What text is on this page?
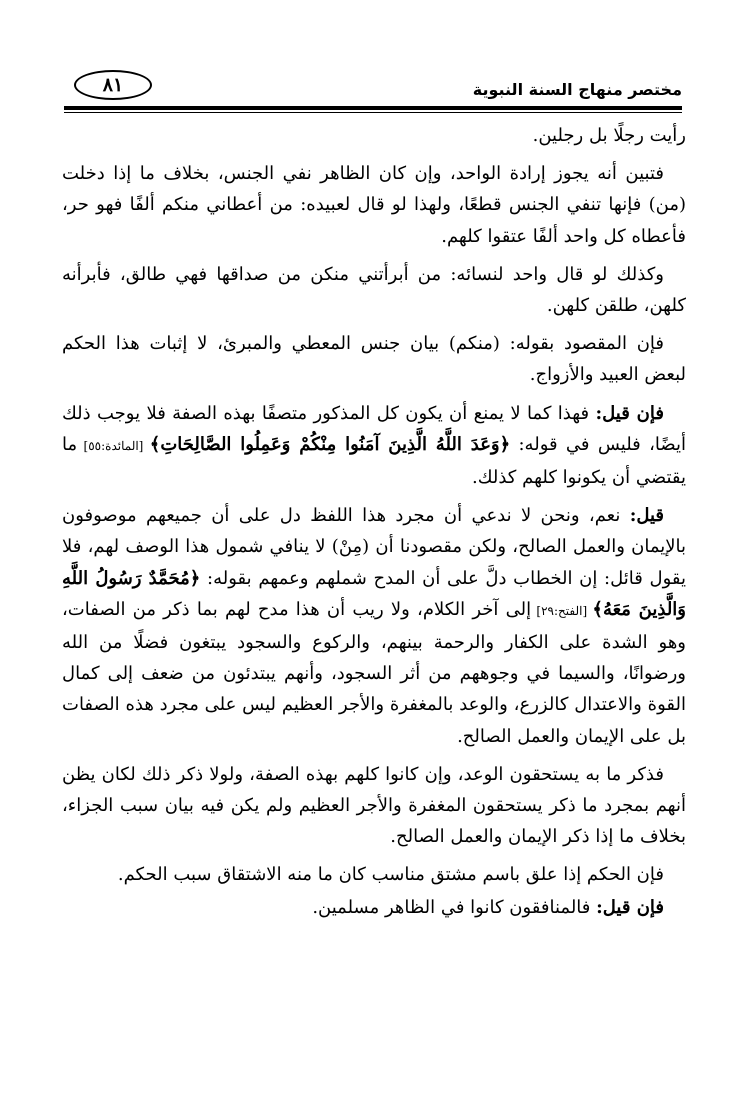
٨١	مختصر منهاج السنة النبوية

رأيت رجلًا بل رجلين.

فتبين أنه يجوز إرادة الواحد، وإن كان الظاهر نفي الجنس، بخلاف ما إذا دخلت (من) فإنها تنفي الجنس قطعًا، ولهذا لو قال لعبيده: من أعطاني منكم ألفًا فهو حر، فأعطاه كل واحد ألفًا عتقوا كلهم.

وكذلك لو قال واحد لنسائه: من أبرأتني منكن من صداقها فهي طالق، فأبرأنه كلهن، طلقن كلهن.

فإن المقصود بقوله: (منكم) بيان جنس المعطي والمبرئ، لا إثبات هذا الحكم لبعض العبيد والأزواج.

فإن قيل: فهذا كما لا يمنع أن يكون كل المذكور متصفًا بهذه الصفة فلا يوجب ذلك أيضًا، فليس في قوله: ﴿وَعَدَ اللَّهُ الَّذِينَ آمَنُوا مِنْكُمْ وَعَمِلُوا الصَّالِحَاتِ﴾ [المائدة:٥٥] ما يقتضي أن يكونوا كلهم كذلك.

قيل: نعم، ونحن لا ندعي أن مجرد هذا اللفظ دل على أن جميعهم موصوفون بالإيمان والعمل الصالح، ولكن مقصودنا أن (مِنْ) لا ينافي شمول هذا الوصف لهم، فلا يقول قائل: إن الخطاب دلَّ على أن المدح شملهم وعمهم بقوله: ﴿مُحَمَّدٌ رَسُولُ اللَّهِ وَالَّذِينَ مَعَهُ﴾ [الفتح:٢٩] إلى آخر الكلام، ولا ريب أن هذا مدح لهم بما ذكر من الصفات، وهو الشدة على الكفار والرحمة بينهم، والركوع والسجود يبتغون فضلًا من الله ورضوانًا، والسيما في وجوههم من أثر السجود، وأنهم يبتدئون من ضعف إلى كمال القوة والاعتدال كالزرع، والوعد بالمغفرة والأجر العظيم ليس على مجرد هذه الصفات بل على الإيمان والعمل الصالح.

فذكر ما به يستحقون الوعد، وإن كانوا كلهم بهذه الصفة، ولولا ذكر ذلك لكان يظن أنهم بمجرد ما ذكر يستحقون المغفرة والأجر العظيم ولم يكن فيه بيان سبب الجزاء، بخلاف ما إذا ذكر الإيمان والعمل الصالح.

فإن الحكم إذا علق باسم مشتق مناسب كان ما منه الاشتقاق سبب الحكم.

فإن قيل: فالمنافقون كانوا في الظاهر مسلمين.
